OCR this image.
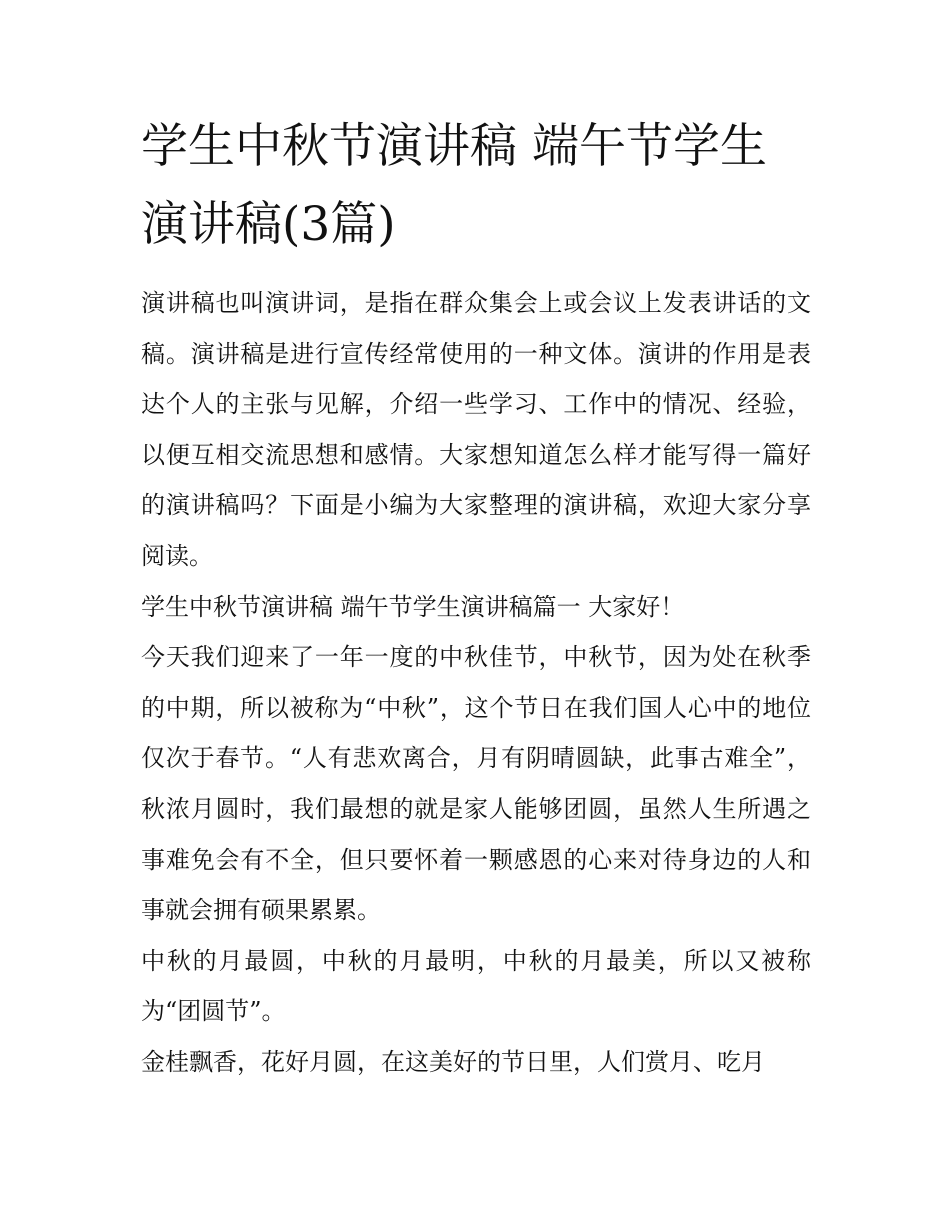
学生中秋节演讲稿 端午节学生演讲稿(3篇)

演讲稿也叫演讲词，是指在群众集会上或会议上发表讲话的文稿。演讲稿是进行宣传经常使用的一种文体。演讲的作用是表达个人的主张与见解，介绍一些学习、工作中的情况、经验，以便互相交流思想和感情。大家想知道怎么样才能写得一篇好的演讲稿吗？下面是小编为大家整理的演讲稿，欢迎大家分享阅读。

学生中秋节演讲稿 端午节学生演讲稿篇一 大家好！

今天我们迎来了一年一度的中秋佳节，中秋节，因为处在秋季的中期，所以被称为“中秋”，这个节日在我们国人心中的地位仅次于春节。“人有悲欢离合，月有阴晴圆缺，此事古难全”，秋浓月圆时，我们最想的就是家人能够团圆，虽然人生所遇之事难免会有不全，但只要怀着一颗感恩的心来对待身边的人和事就会拥有硕果累累。

中秋的月最圆，中秋的月最明，中秋的月最美，所以又被称为“团圆节”。

金桂飘香，花好月圆，在这美好的节日里，人们赏月、吃月
